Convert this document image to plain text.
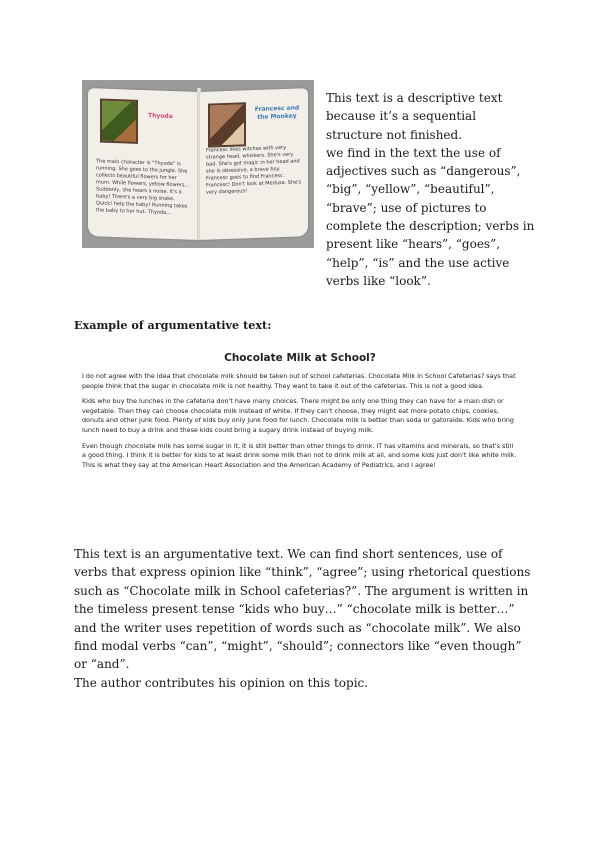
Thyoda
The main character is "Thyoda" is running. She goes to the jungle. She collects beautiful flowers for her mum. While flowers, yellow flowers... Suddenly, she hears a noise. It's a baby! There's a very big snake. Quick! help the baby! Running takes the baby to her hut. Thyoda...
Francesc and the Monkey
Francesc likes witches with very strange head, whiskers. She's very bad. She's got magic in her head and she is obsessive, a brave boy. Francesc goes to find Francesc. Francesc! Don't look at Medusa. She's very dangerous!

This text is a descriptive text because it’s a sequential structure not finished.

we find in the text the use of adjectives such as “dangerous”, “big”, “yellow”, “beautiful”, “brave”; use of pictures to complete the description; verbs in present like “hears”, “goes”, “help”, “is” and the use active verbs like “look”.

Example of argumentative text:
Chocolate Milk at School?

I do not agree with the idea that chocolate milk should be taken out of school cafeterias. Chocolate Milk in School Cafeterias? says that people think that the sugar in chocolate milk is not healthy. They want to take it out of the cafeterias. This is not a good idea.

Kids who buy the lunches in the cafeteria don't have many choices. There might be only one thing they can have for a main dish or vegetable. Then they can choose chocolate milk instead of white. If they can't choose, they might eat more potato chips, cookies, donuts and other junk food. Plenty of kids buy only junk food for lunch. Chocolate milk is better than soda or gatoraide. Kids who bring lunch need to buy a drink and these kids could bring a sugary drink instead of buying milk.

Even though chocolate milk has some sugar in it, it is still better than other things to drink. IT has vitamins and minerals, so that's still a good thing. I think it is better for kids to at least drink some milk than not to drink milk at all, and some kids just don't like white milk. This is what they say at the American Heart Association and the American Academy of Pediatrics, and I agree!

This text is an argumentative text. We can find short sentences, use of verbs that express opinion like “think”, “agree”; using rhetorical questions such as “Chocolate milk in School cafeterias?”. The argument is written in the timeless present tense “kids who buy…” “chocolate milk is better…” and the writer uses repetition of words such as “chocolate milk”. We also find modal verbs “can”, “might”, “should”; connectors like “even though” or “and”.

The author contributes his opinion on this topic.
